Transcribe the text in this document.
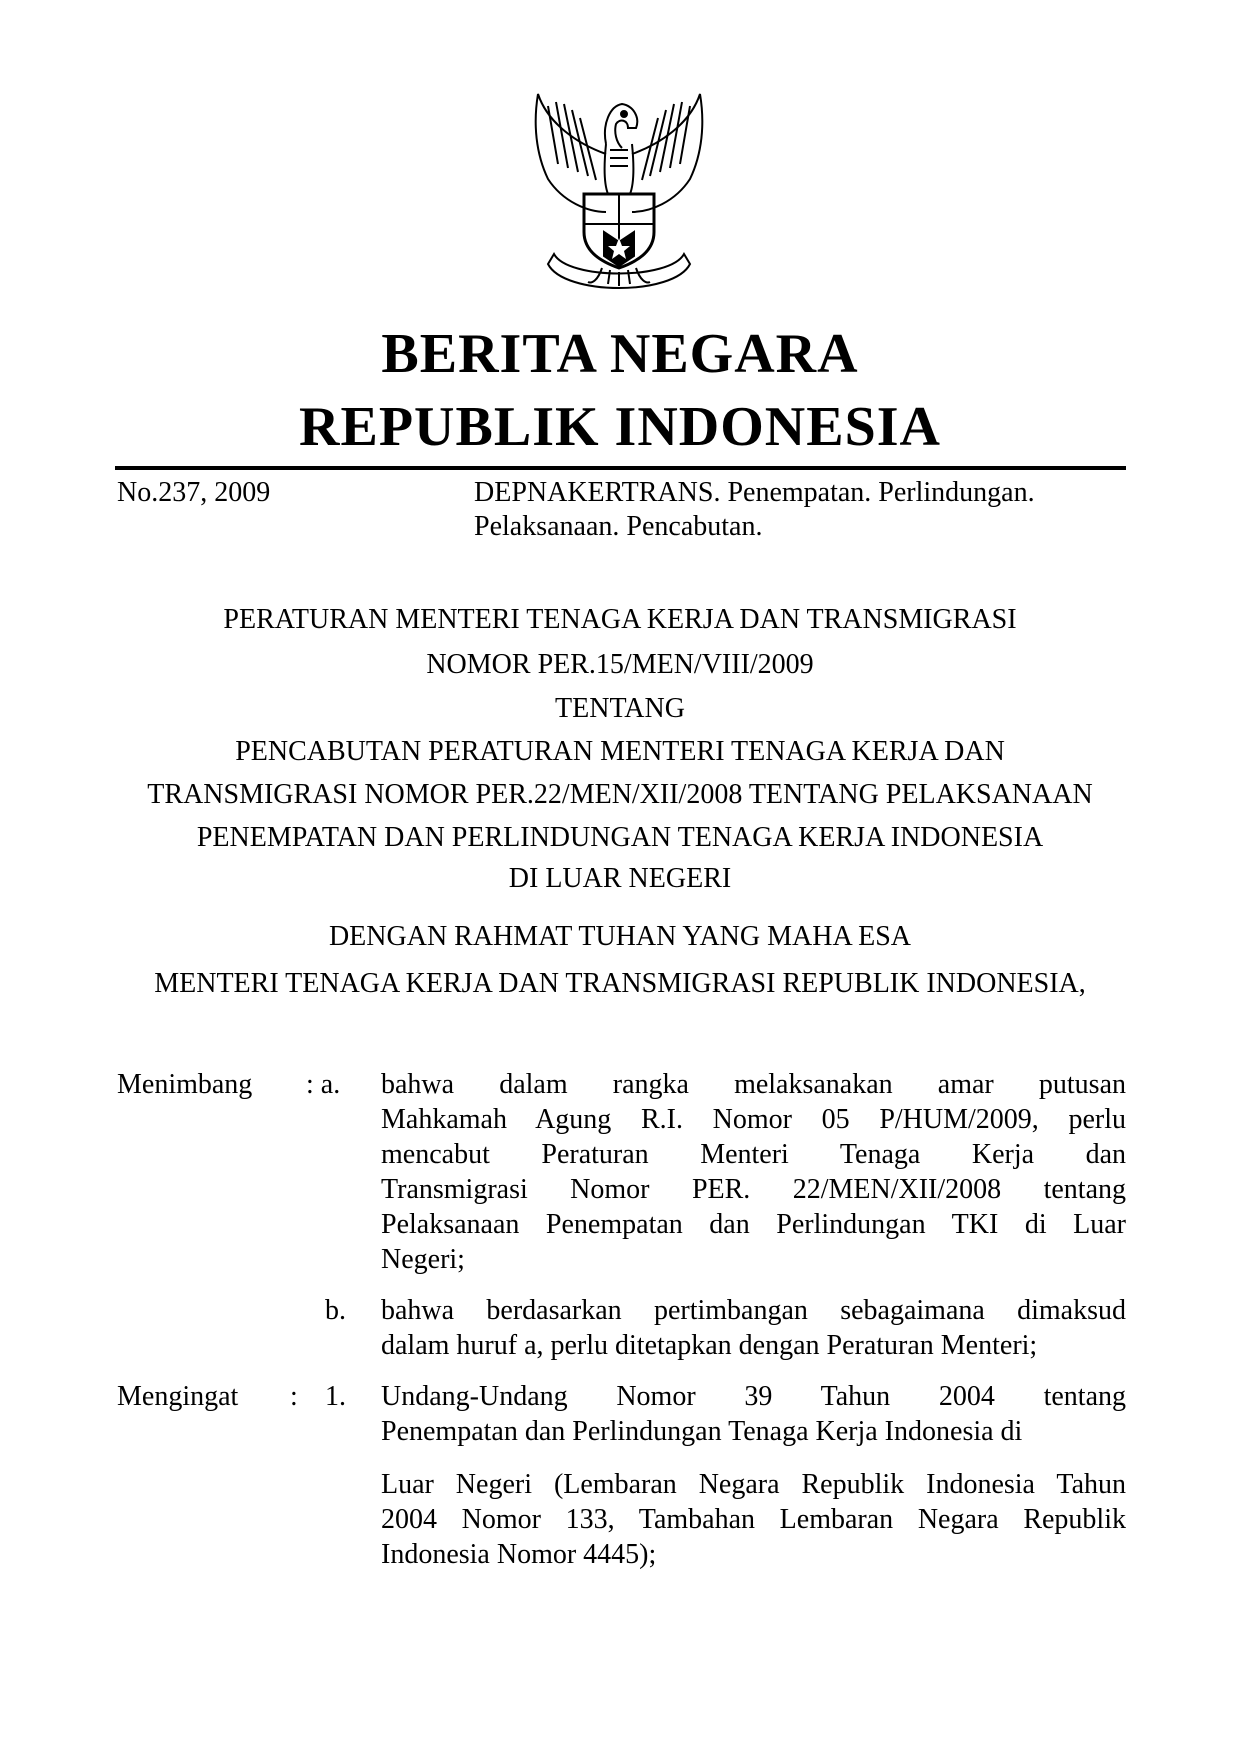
BERITA NEGARA
REPUBLIK INDONESIA
No.237, 2009	DEPNAKERTRANS. Penempatan. Perlindungan.
Pelaksanaan. Pencabutan.
PERATURAN MENTERI TENAGA KERJA DAN TRANSMIGRASI
NOMOR PER.15/MEN/VIII/2009
TENTANG
PENCABUTAN PERATURAN MENTERI TENAGA KERJA DAN
TRANSMIGRASI NOMOR PER.22/MEN/XII/2008 TENTANG PELAKSANAAN
PENEMPATAN DAN PERLINDUNGAN TENAGA KERJA INDONESIA
DI LUAR NEGERI
DENGAN RAHMAT TUHAN YANG MAHA ESA
MENTERI TENAGA KERJA DAN TRANSMIGRASI REPUBLIK INDONESIA,
Menimbang : a. bahwa dalam rangka melaksanakan amar putusan
Mahkamah Agung R.I. Nomor 05 P/HUM/2009, perlu
mencabut Peraturan Menteri Tenaga Kerja dan
Transmigrasi Nomor PER. 22/MEN/XII/2008 tentang
Pelaksanaan Penempatan dan Perlindungan TKI di Luar
Negeri;
b. bahwa berdasarkan pertimbangan sebagaimana dimaksud
dalam huruf a, perlu ditetapkan dengan Peraturan Menteri;
Mengingat : 1. Undang-Undang Nomor 39 Tahun 2004 tentang
Penempatan dan Perlindungan Tenaga Kerja Indonesia di
Luar Negeri (Lembaran Negara Republik Indonesia Tahun
2004 Nomor 133, Tambahan Lembaran Negara Republik
Indonesia Nomor 4445);
